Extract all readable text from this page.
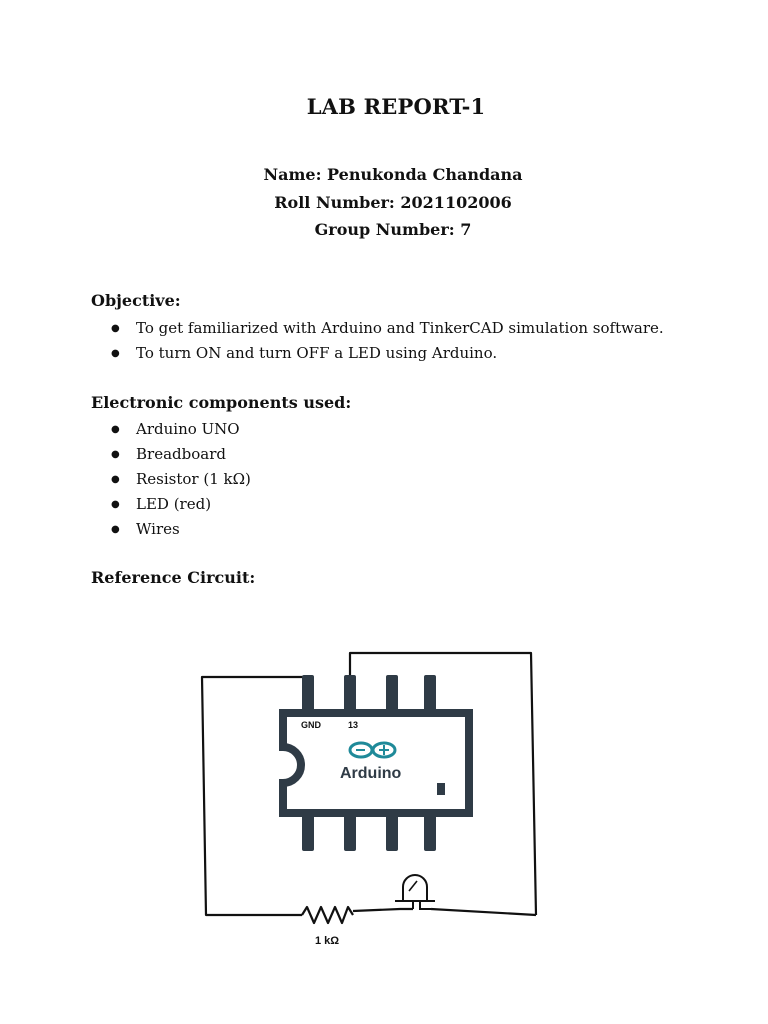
LAB REPORT-1
Name: Penukonda Chandana
Roll Number: 2021102006
Group Number: 7
Objective:
● To get familiarized with Arduino and TinkerCAD simulation software.
● To turn ON and turn OFF a LED using Arduino.
Electronic components used:
● Arduino UNO
● Breadboard
● Resistor (1 kΩ)
● LED (red)
● Wires
Reference Circuit:
1 kΩ
GND	13
Arduino
